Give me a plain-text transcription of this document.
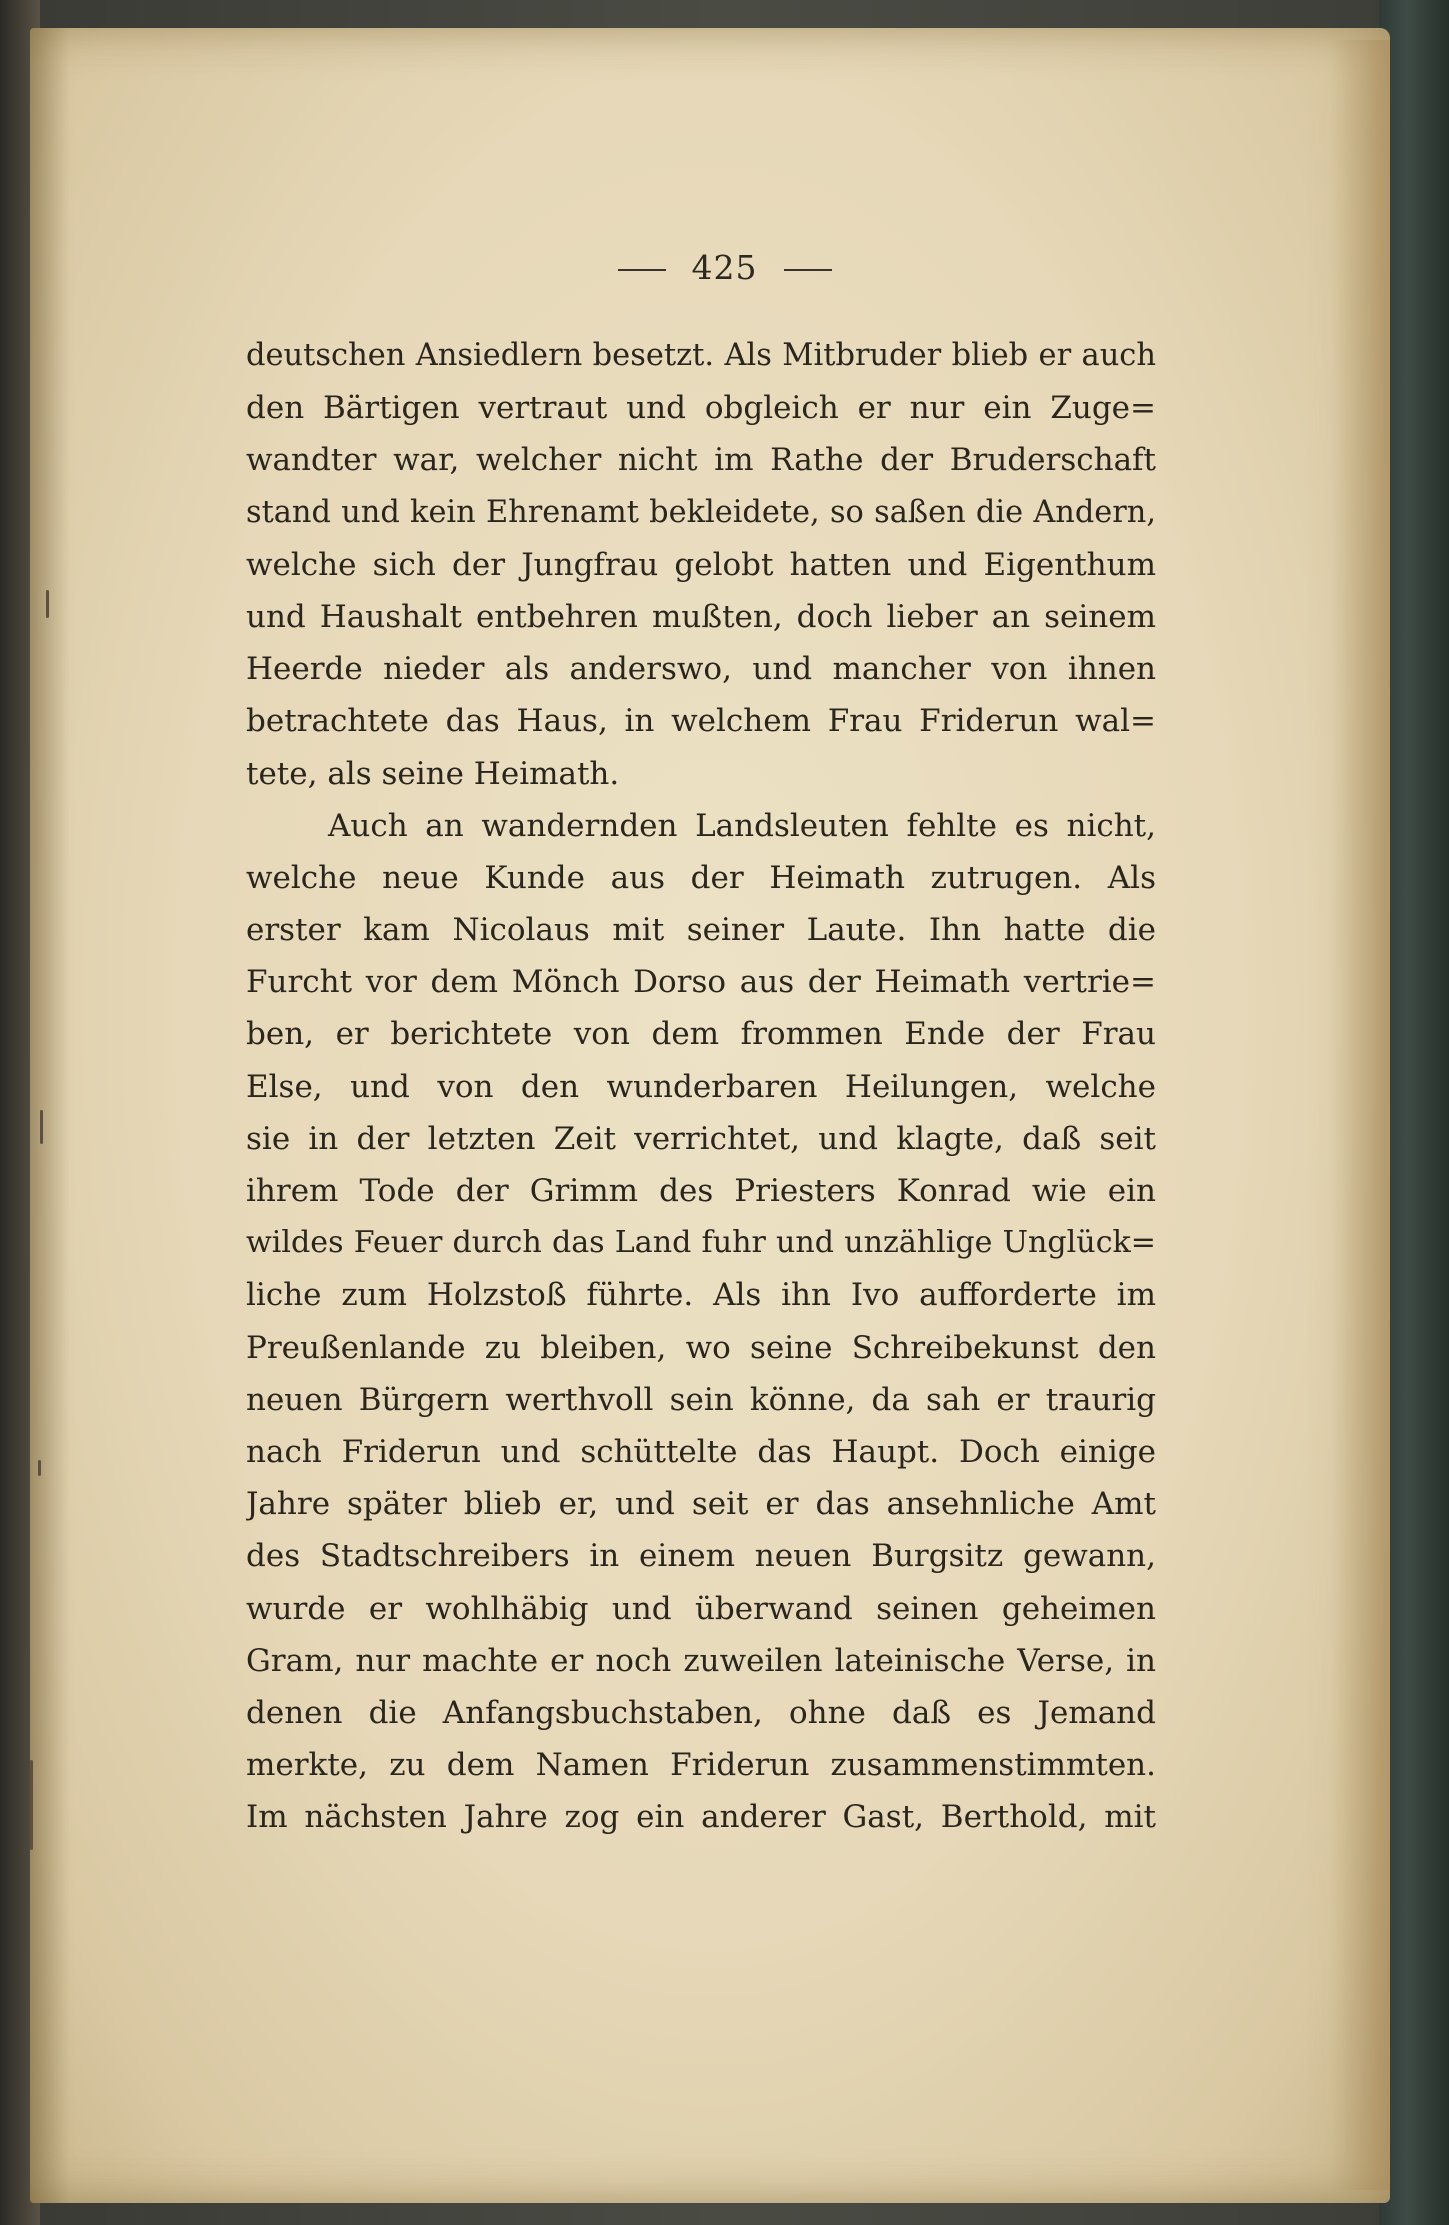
425
deutschen Ansiedlern besetzt. Als Mitbruder blieb er auch
den Bärtigen vertraut und obgleich er nur ein Zuge=
wandter war, welcher nicht im Rathe der Bruderschaft
stand und kein Ehrenamt bekleidete, so saßen die Andern,
welche sich der Jungfrau gelobt hatten und Eigenthum
und Haushalt entbehren mußten, doch lieber an seinem
Heerde nieder als anderswo, und mancher von ihnen
betrachtete das Haus, in welchem Frau Friderun wal=
tete, als seine Heimath.
Auch an wandernden Landsleuten fehlte es nicht,
welche neue Kunde aus der Heimath zutrugen. Als
erster kam Nicolaus mit seiner Laute. Ihn hatte die
Furcht vor dem Mönch Dorso aus der Heimath vertrie=
ben, er berichtete von dem frommen Ende der Frau
Else, und von den wunderbaren Heilungen, welche
sie in der letzten Zeit verrichtet, und klagte, daß seit
ihrem Tode der Grimm des Priesters Konrad wie ein
wildes Feuer durch das Land fuhr und unzählige Unglück=
liche zum Holzstoß führte. Als ihn Ivo aufforderte im
Preußenlande zu bleiben, wo seine Schreibekunst den
neuen Bürgern werthvoll sein könne, da sah er traurig
nach Friderun und schüttelte das Haupt. Doch einige
Jahre später blieb er, und seit er das ansehnliche Amt
des Stadtschreibers in einem neuen Burgsitz gewann,
wurde er wohlhäbig und überwand seinen geheimen
Gram, nur machte er noch zuweilen lateinische Verse, in
denen die Anfangsbuchstaben, ohne daß es Jemand
merkte, zu dem Namen Friderun zusammenstimmten.
Im nächsten Jahre zog ein anderer Gast, Berthold, mit
